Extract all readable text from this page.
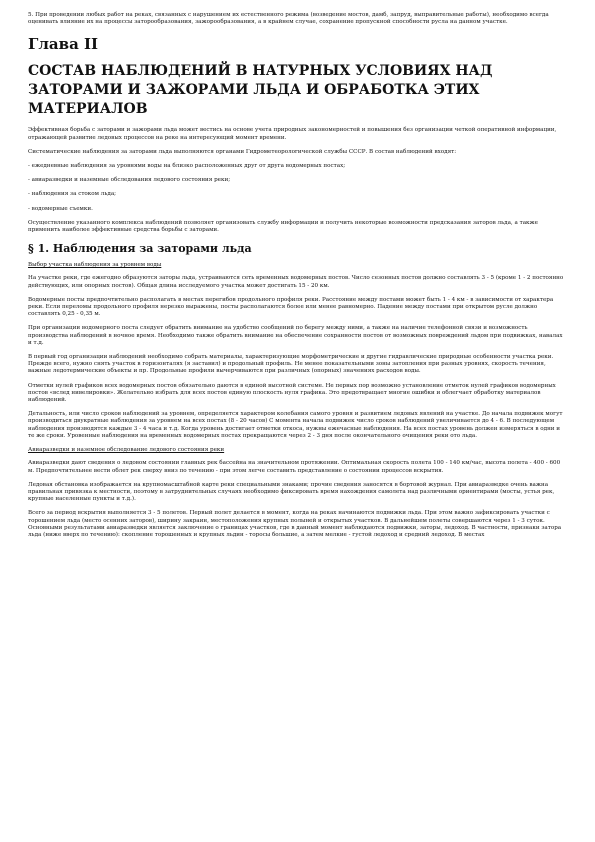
5. При проведении любых работ на реках, связанных с нарушением их естественного режима (возведение мостов, дамб, запруд, выправительные работы), необходимо всегда оценивать влияние их на процессы заторообразования, зажорообразования, а в крайнем случае, сохранение пропускной способности русла на данном участке.

Глава II
СОСТАВ НАБЛЮДЕНИЙ В НАТУРНЫХ УСЛОВИЯХ НАД ЗАТОРАМИ И ЗАЖОРАМИ ЛЬДА И ОБРАБОТКА ЭТИХ МАТЕРИАЛОВ

Эффективная борьба с заторами и зажорами льда может вестись на основе учета природных закономерностей и повышения без организации четкой оперативной информации, отражающей развитие ледовых процессов на реке на интересующий момент времени.

Систематические наблюдения за заторами льда выполняются органами Гидрометеорологической службы СССР. В состав наблюдений входят:

- ежедневные наблюдения за уровнями воды на близко расположенных друг от друга водомерных постах;

- авиаразведки и наземные обследования ледового состояния реки;

- наблюдения за стоком льда;

- водомерные съемки.

Осуществление указанного комплекса наблюдений позволяет организовать службу информации и получить некоторые возможности предсказания заторов льда, а также применить наиболее эффективные средства борьбы с заторами.

§ 1. Наблюдения за заторами льда

Выбор участка наблюдения за уровнем воды

На участке реки, где ежегодно образуются заторы льда, устраиваются сеть временных водомерных постов. Число сезонных постов должно составлять 3 - 5 (кроме 1 - 2 постоянно действующих, или опорных постов). Общая длина исследуемого участка может достигать 15 - 20 км.

Водомерные посты предпочтительно располагать в местах перегибов продольного профиля реки. Расстояние между постами может быть 1 - 4 км - в зависимости от характера реки. Если переломы продольного профиля нерезко выражены, посты располагаются более или менее равномерно. Падение между постами при открытом русле должно составлять 0,25 - 0,35 м.

При организации водомерного поста следует обратить внимание на удобство сообщений по берегу между ними, а также на наличие телефонной связи и возможность производства наблюдений в ночное время. Необходимо также обратить внимание на обеспечение сохранности постов от возможных повреждений льдом при подвижках, навалах и т.д.

В первый год организации наблюдений необходимо собрать материалы, характеризующие морфометрические и другие гидравлические природные особенности участка реки. Прежде всего, нужно снять участок в горизонталях (я заставил) и продольный профиль. Не менее показательными зоны затопления при разных уровнях, скорость течения, важные ледотермические объекты и пр. Продольные профили вычерчиваются при различных (опорных) значениях расходов воды.

Отметки нулей графиков всех водомерных постов обязательно даются в единой высотной системе. Не первых пор возможно установление отметок нулей графиков водомерных постов «вслед нивелировки». Желательно избрать для всех постов единую плоскость нуля графика. Это предотвращает многие ошибки и облегчает обработку материалов наблюдений.

Детальность, или число сроков наблюдений за уровнем, определяется характером колебания самого уровня и развитием ледовых явлений на участке. До начала подвижек могут производиться двукратные наблюдения за уровнем на всех постах (8 - 20 часов) С момента начала подвижек число сроков наблюдений увеличивается до 4 - 6. В последующем наблюдения производятся каждые 3 - 4 часа и т.д. Когда уровень достигает отметки откоса, нужны ежечасные наблюдения. На всех постах уровень должен измеряться в одни и те же сроки. Уровенные наблюдения на временных водомерных постах прекращаются через 2 - 3 дня после окончательного очищения реки ото льда.

Авиаразведки и наземное обследование ледового состояния реки

Авиаразведки дают сведения о ледовом состоянии главных рек бассейна на значительном протяжении. Оптимальная скорость полета 100 - 140 км/час, высота полета - 400 - 600 м. Предпочтительнее вести облет рек сверху вниз по течению - при этом легче составить представление о состоянии процессов вскрытия.

Ледовая обстановка изображается на крупномасштабной карте реки специальными знаками; прочие сведения заносятся в бортовой журнал. При авиаразведке очень важна правильная привязка к местности, поэтому в затруднительных случаях необходимо фиксировать время нахождения самолета над различными ориентирами (мосты, устья рек, крупные населенные пункты и т.д.).

Всего за период вскрытия выполняется 3 - 5 полетов. Первый полет делается в момент, когда на реках начинаются подвижки льда. При этом важно зафиксировать участки с торошением льда (место осенних заторов), ширину закраин, местоположения крупных полыней и открытых участков. В дальнейшем полеты совершаются через 1 - 3 суток. Основными результатами авиаразведки является заключение о границах участков, где в данный момент наблюдаются подвижки, заторы, ледоход. В частности, признаки затора льда (ниже вверх по течению): скопление торошенных и крупных льдин - торосы большие, а затем мелкие - густой ледоход и средний ледоход. В местах
